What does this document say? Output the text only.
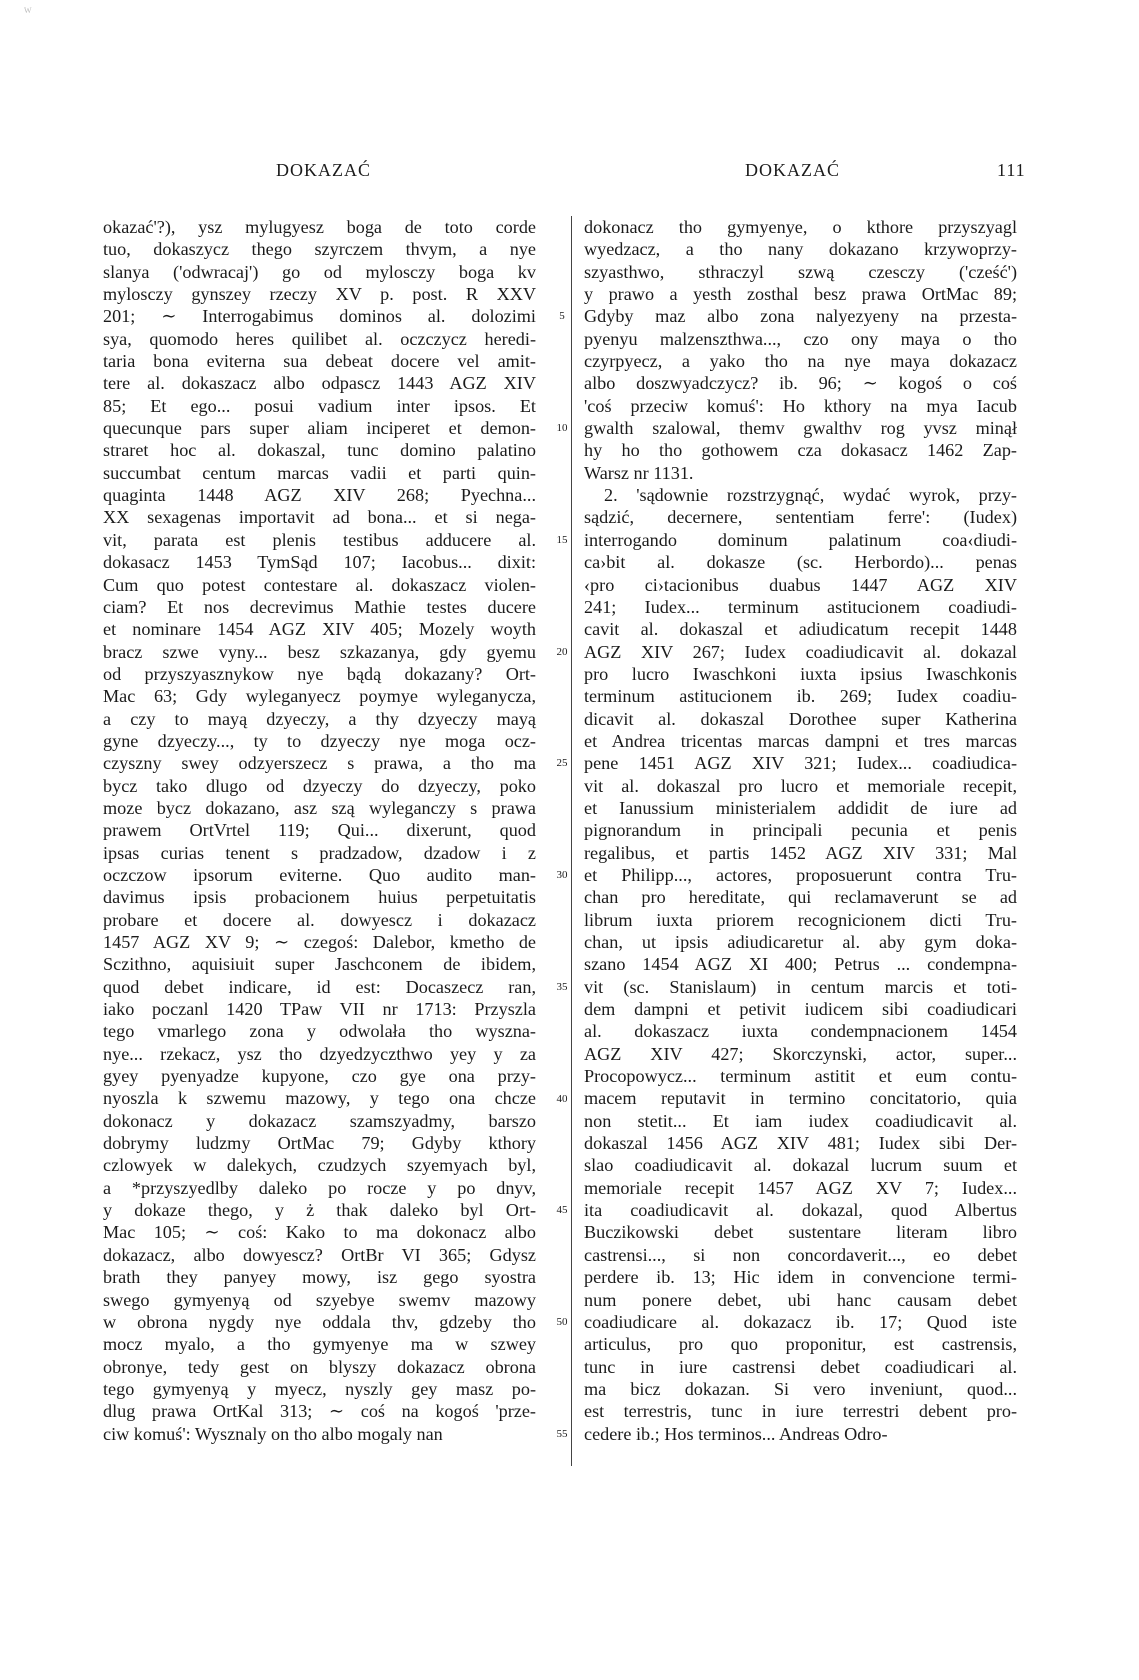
W
DOKAZAĆ	DOKAZAĆ	111
okazać'?), ysz mylugyesz boga de toto corde
tuo, dokaszycz thego szyrczem thvym, a nye
slanya ('odwracaj') go od mylosczy boga kv
mylosczy gynszey rzeczy XV p. post. R XXV
201; ∼ Interrogabimus dominos al. dolozimi
sya, quomodo heres quilibet al. oczczycz heredi-
taria bona eviterna sua debeat docere vel amit-
tere al. dokaszacz albo odpascz 1443 AGZ XIV
85; Et ego... posui vadium inter ipsos. Et
quecunque pars super aliam inciperet et demon-
straret hoc al. dokaszal, tunc domino palatino
succumbat centum marcas vadii et parti quin-
quaginta 1448 AGZ XIV 268; Pyechna...
XX sexagenas importavit ad bona... et si nega-
vit, parata est plenis testibus adducere al.
dokasacz 1453 TymSąd 107; Iacobus... dixit:
Cum quo potest contestare al. dokaszacz violen-
ciam? Et nos decrevimus Mathie testes ducere
et nominare 1454 AGZ XIV 405; Mozely woyth
bracz szwe vyny... besz szkazanya, gdy gyemu
od przyszyasznykow nye bądą dokazany? Ort-
Mac 63; Gdy wyleganyecz poymye wyleganycza,
a czy to mayą dzyeczy, a thy dzyeczy mayą
gyne dzyeczy..., ty to dzyeczy nye moga ocz-
czyszny swey odzyerszecz s prawa, a tho ma
bycz tako dlugo od dzyeczy do dzyeczy, poko
moze bycz dokazano, asz szą wyleganczy s prawa
prawem OrtVrtel 119; Qui... dixerunt, quod
ipsas curias tenent s pradzadow, dzadow i z
oczczow ipsorum eviterne. Quo audito man-
davimus ipsis probacionem huius perpetuitatis
probare et docere al. dowyescz i dokazacz
1457 AGZ XV 9; ∼ czegoś: Dalebor, kmetho de
Sczithno, aquisiuit super Jaschconem de ibidem,
quod debet indicare, id est: Docaszecz ran,
iako poczanl 1420 TPaw VII nr 1713: Przyszla
tego vmarlego zona y odwolała tho wyszna-
nye... rzekacz, ysz tho dzyedzyczthwo yey y za
gyey pyenyadze kupyone, czo gye ona przy-
nyoszla k szwemu mazowy, y tego ona chcze
dokonacz y dokazacz szamszyadmy, barszo
dobrymy ludzmy OrtMac 79; Gdyby kthory
czlowyek w dalekych, czudzych szyemyach byl,
a *przyszyedlby daleko po rocze y po dnyv,
y dokaze thego, y ż thak daleko byl Ort-
Mac 105; ∼ coś: Kako to ma dokonacz albo
dokazacz, albo dowyescz? OrtBr VI 365; Gdysz
brath they panyey mowy, isz gego syostra
swego gymyenyą od szyebye swemv mazowy
w obrona nygdy nye oddala thv, gdzeby tho
mocz myalo, a tho gymyenye ma w szwey
obronye, tedy gest on blyszy dokazacz obrona
tego gymyenyą y myecz, nyszly gey masz po-
dlug prawa OrtKal 313; ∼ coś na kogoś 'prze-
ciw komuś': Wysznaly on tho albo mogaly nan
5
10
15
20
25
30
35
40
45
50
55
dokonacz tho gymyenye, o kthore przyszyagl
wyedzacz, a tho nany dokazano krzywoprzy-
szyasthwo, sthraczyl szwą czesczy ('cześć')
y prawo a yesth zosthal besz prawa OrtMac 89;
Gdyby maz albo zona nalyezyeny na przesta-
pyenyu malzenszthwa..., czo ony maya o tho
czyrpyecz, a yako tho na nye maya dokazacz
albo doszwyadczycz? ib. 96; ∼ kogoś o coś
'coś przeciw komuś': Ho kthory na mya Iacub
gwalth szalowal, themv gwalthv rog yvsz minął
hy ho tho gothowem cza dokasacz 1462 Zap-
Warsz nr 1131.
2. 'sądownie rozstrzygnąć, wydać wyrok, przy-
sądzić, decernere, sententiam ferre': (Iudex)
interrogando dominum palatinum coa‹diudi-
ca›bit al. dokasze (sc. Herbordo)... penas
‹pro ci›tacionibus duabus 1447 AGZ XIV
241; Iudex... terminum astitucionem coadiudi-
cavit al. dokaszal et adiudicatum recepit 1448
AGZ XIV 267; Iudex coadiudicavit al. dokazal
pro lucro Iwaschkoni iuxta ipsius Iwaschkonis
terminum astitucionem ib. 269; Iudex coadiu-
dicavit al. dokaszal Dorothee super Katherina
et Andrea tricentas marcas dampni et tres marcas
pene 1451 AGZ XIV 321; Iudex... coadiudica-
vit al. dokaszal pro lucro et memoriale recepit,
et Ianussium ministerialem addidit de iure ad
pignorandum in principali pecunia et penis
regalibus, et partis 1452 AGZ XIV 331; Mal
et Philipp..., actores, proposuerunt contra Tru-
chan pro hereditate, qui reclamaverunt se ad
librum iuxta priorem recognicionem dicti Tru-
chan, ut ipsis adiudicaretur al. aby gym doka-
szano 1454 AGZ XI 400; Petrus ... condempna-
vit (sc. Stanislaum) in centum marcis et toti-
dem dampni et petivit iudicem sibi coadiudicari
al. dokaszacz iuxta condempnacionem 1454
AGZ XIV 427; Skorczynski, actor, super...
Procopowycz... terminum astitit et eum contu-
macem reputavit in termino concitatorio, quia
non stetit... Et iam iudex coadiudicavit al.
dokaszal 1456 AGZ XIV 481; Iudex sibi Der-
slao coadiudicavit al. dokazal lucrum suum et
memoriale recepit 1457 AGZ XV 7; Iudex...
ita coadiudicavit al. dokazal, quod Albertus
Buczikowski debet sustentare literam libro
castrensi..., si non concordaverit..., eo debet
perdere ib. 13; Hic idem in convencione termi-
num ponere debet, ubi hanc causam debet
coadiudicare al. dokazacz ib. 17; Quod iste
articulus, pro quo proponitur, est castrensis,
tunc in iure castrensi debet coadiudicari al.
ma bicz dokazan. Si vero inveniunt, quod...
est terrestris, tunc in iure terrestri debent pro-
cedere ib.; Hos terminos... Andreas Odro-
